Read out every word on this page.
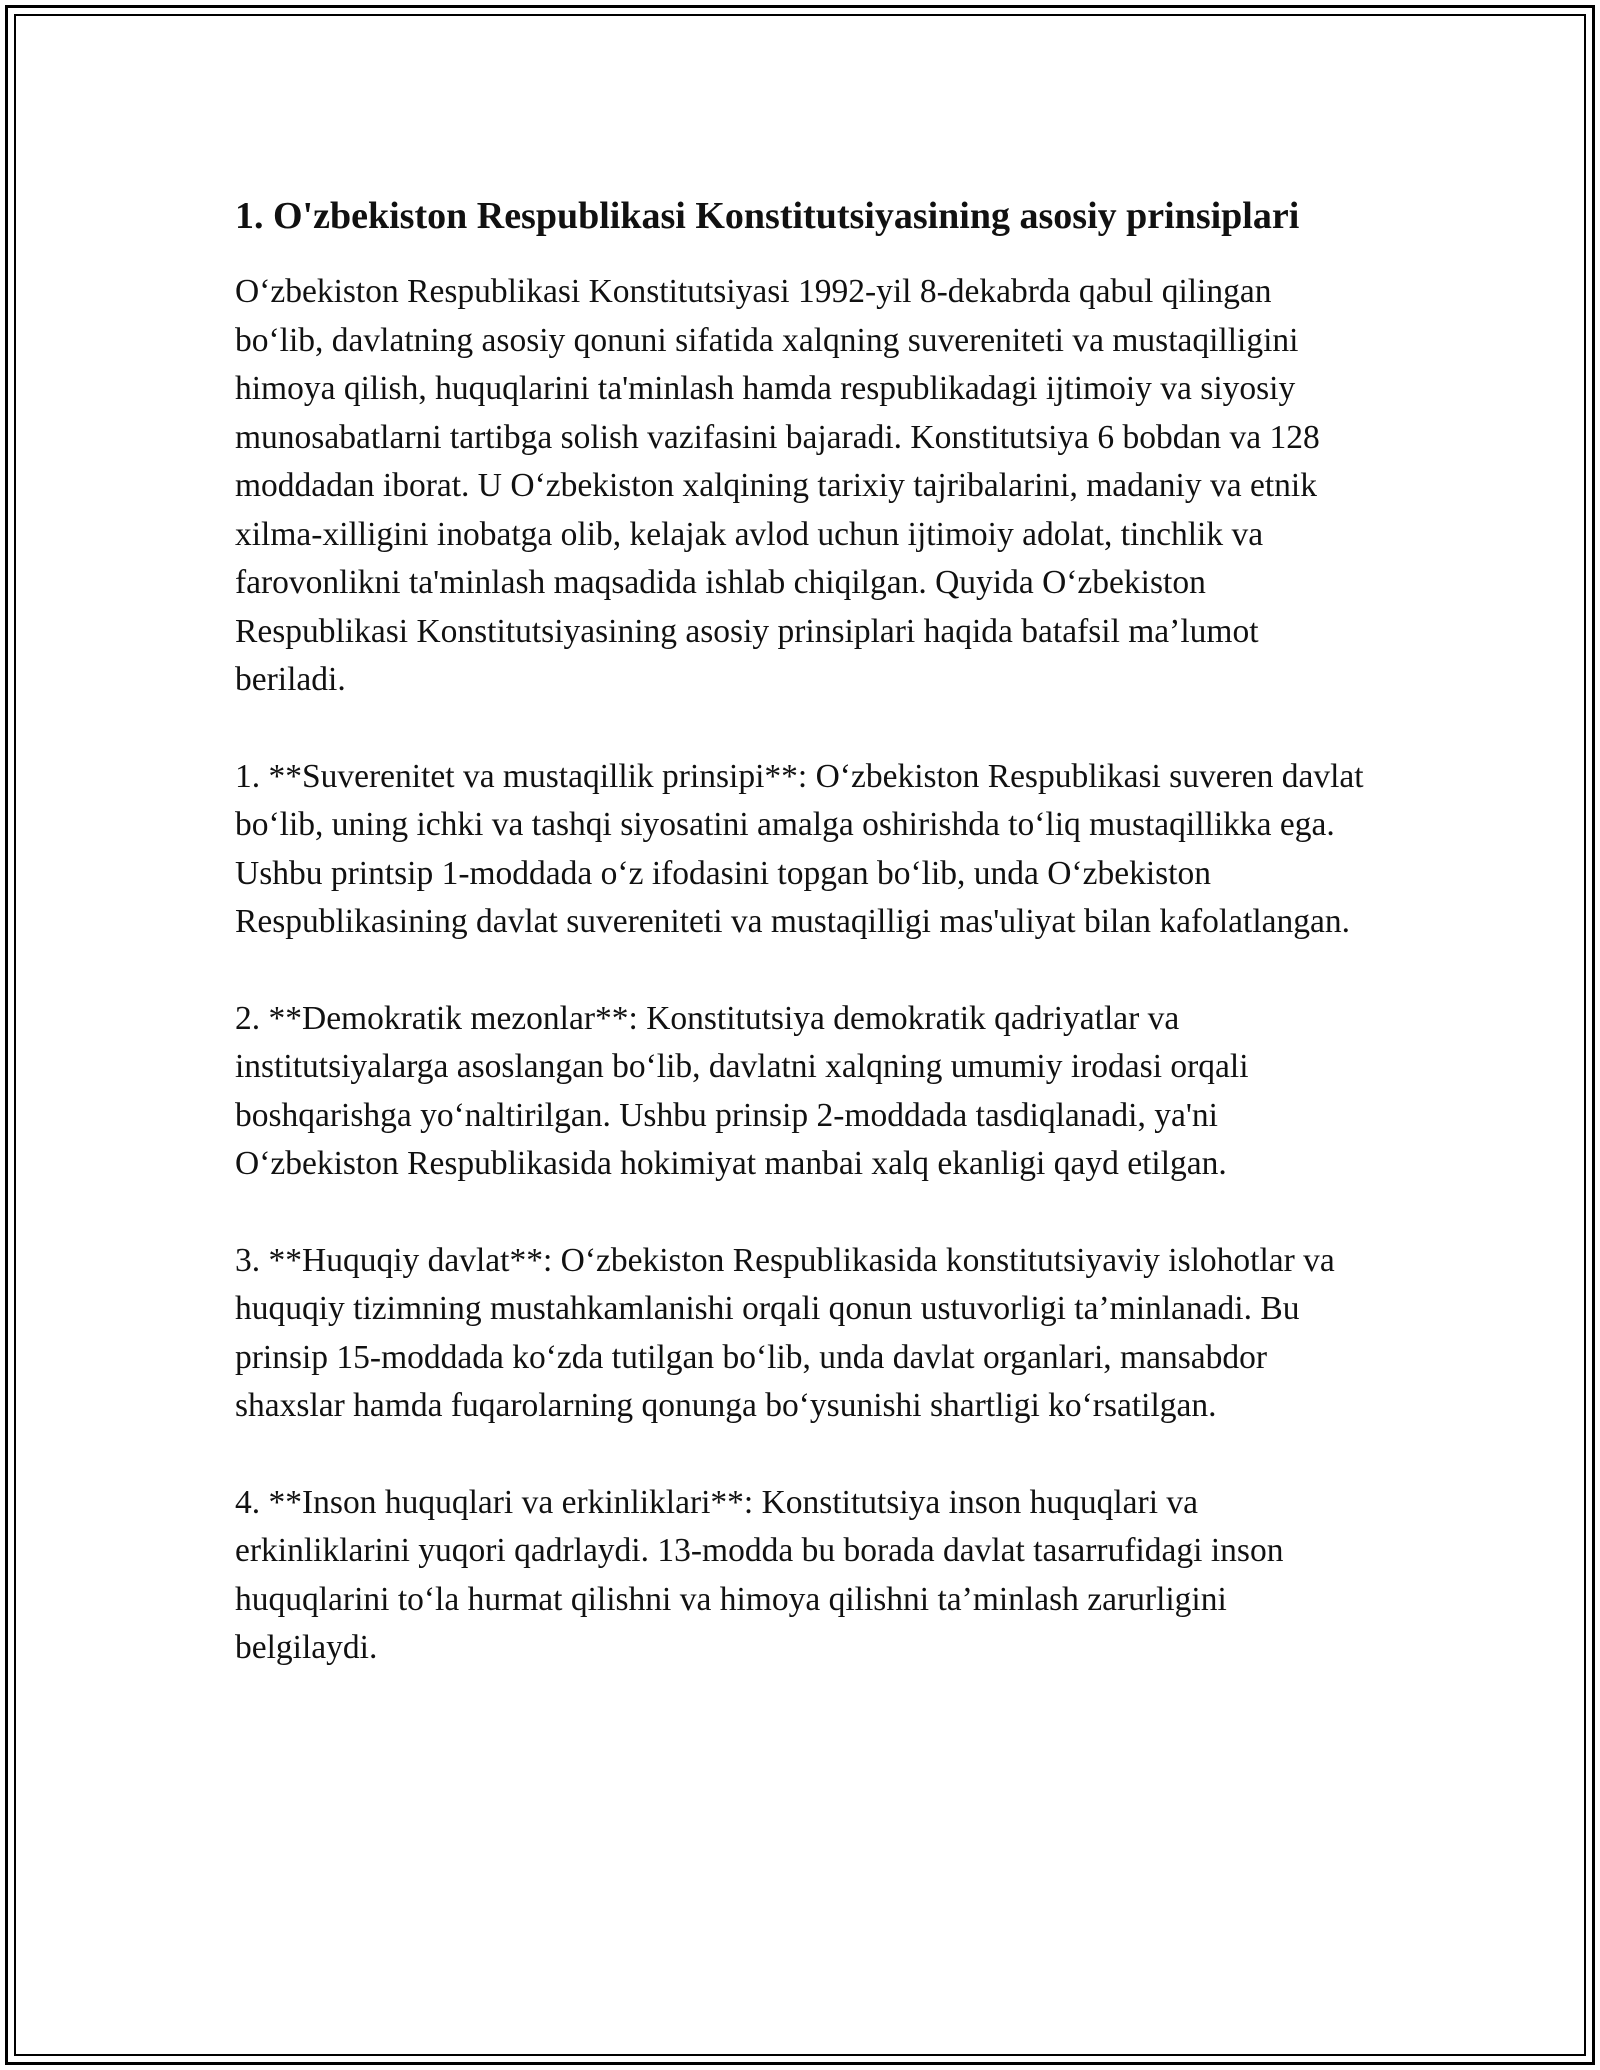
1. O'zbekiston Respublikasi Konstitutsiyasining asosiy prinsiplari

O‘zbekiston Respublikasi Konstitutsiyasi 1992-yil 8-dekabrda qabul qilingan bo‘lib, davlatning asosiy qonuni sifatida xalqning suvereniteti va mustaqilligini himoya qilish, huquqlarini ta'minlash hamda respublikadagi ijtimoiy va siyosiy munosabatlarni tartibga solish vazifasini bajaradi. Konstitutsiya 6 bobdan va 128 moddadan iborat. U O‘zbekiston xalqining tarixiy tajribalarini, madaniy va etnik xilma-xilligini inobatga olib, kelajak avlod uchun ijtimoiy adolat, tinchlik va farovonlikni ta'minlash maqsadida ishlab chiqilgan. Quyida O‘zbekiston Respublikasi Konstitutsiyasining asosiy prinsiplari haqida batafsil ma’lumot beriladi.

1. **Suverenitet va mustaqillik prinsipi**: O‘zbekiston Respublikasi suveren davlat bo‘lib, uning ichki va tashqi siyosatini amalga oshirishda to‘liq mustaqillikka ega. Ushbu printsip 1-moddada o‘z ifodasini topgan bo‘lib, unda O‘zbekiston Respublikasining davlat suvereniteti va mustaqilligi mas'uliyat bilan kafolatlangan.

2. **Demokratik mezonlar**: Konstitutsiya demokratik qadriyatlar va institutsiyalarga asoslangan bo‘lib, davlatni xalqning umumiy irodasi orqali boshqarishga yo‘naltirilgan. Ushbu prinsip 2-moddada tasdiqlanadi, ya'ni O‘zbekiston Respublikasida hokimiyat manbai xalq ekanligi qayd etilgan.

3. **Huquqiy davlat**: O‘zbekiston Respublikasida konstitutsiyaviy islohotlar va huquqiy tizimning mustahkamlanishi orqali qonun ustuvorligi ta’minlanadi. Bu prinsip 15-moddada ko‘zda tutilgan bo‘lib, unda davlat organlari, mansabdor shaxslar hamda fuqarolarning qonunga bo‘ysunishi shartligi ko‘rsatilgan.

4. **Inson huquqlari va erkinliklari**: Konstitutsiya inson huquqlari va erkinliklarini yuqori qadrlaydi. 13-modda bu borada davlat tasarrufidagi inson huquqlarini to‘la hurmat qilishni va himoya qilishni ta’minlash zarurligini belgilaydi.
